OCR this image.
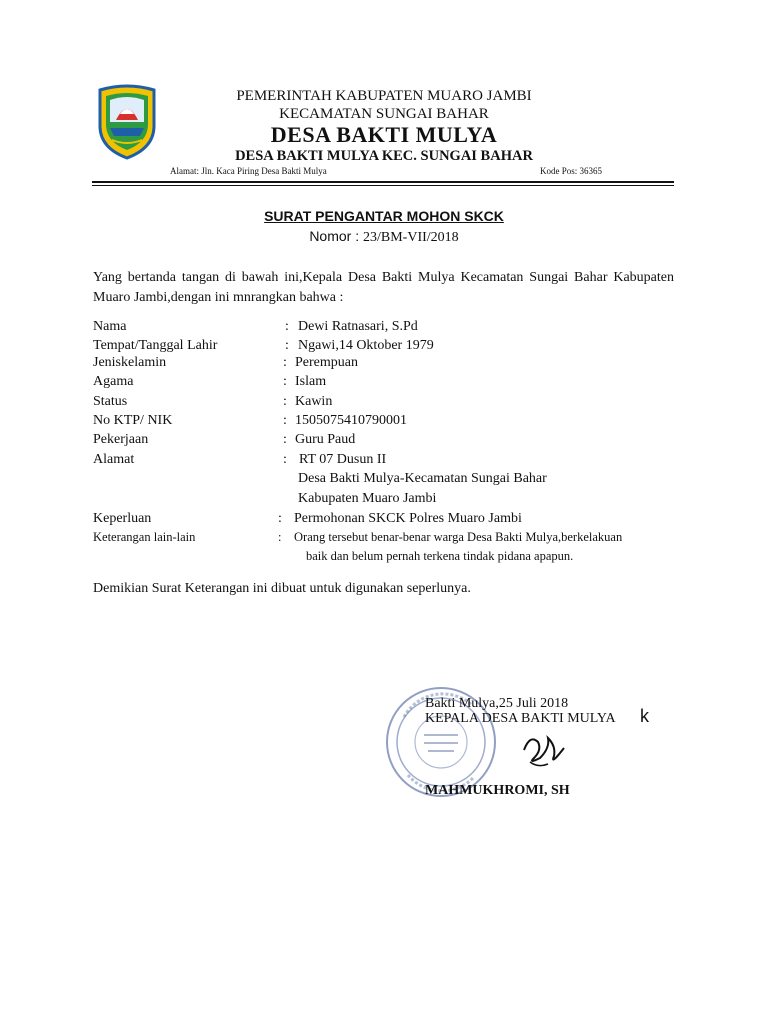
PEMERINTAH KABUPATEN MUARO JAMBI
KECAMATAN SUNGAI BAHAR
DESA BAKTI MULYA
DESA BAKTI MULYA KEC. SUNGAI BAHAR
Alamat: Jln. Kaca Piring Desa Bakti Mulya	Kode Pos: 36365
SURAT PENGANTAR MOHON SKCK
Nomor : 23/BM-VII/2018
Yang bertanda tangan di bawah ini,Kepala Desa Bakti Mulya Kecamatan Sungai Bahar Kabupaten Muaro Jambi,dengan ini mnrangkan bahwa :
Nama	: Dewi Ratnasari, S.Pd
Tempat/Tanggal Lahir	: Ngawi,14 Oktober 1979
Jeniskelamin	: Perempuan
Agama	: Islam
Status	: Kawin
No KTP/ NIK	: 1505075410790001
Pekerjaan	: Guru Paud
Alamat	: RT 07 Dusun II
Desa Bakti Mulya-Kecamatan Sungai Bahar
Kabupaten Muaro Jambi
Keperluan	: Permohonan SKCK Polres Muaro Jambi
Keterangan lain-lain	: Orang tersebut benar-benar warga Desa Bakti Mulya,berkelakuan
baik dan belum pernah terkena tindak pidana apapun.
Demikian Surat Keterangan ini dibuat untuk digunakan seperlunya.
Bakti Mulya,25 Juli 2018
KEPALA DESA BAKTI MULYA k
MAHMUKHROMI, SH
